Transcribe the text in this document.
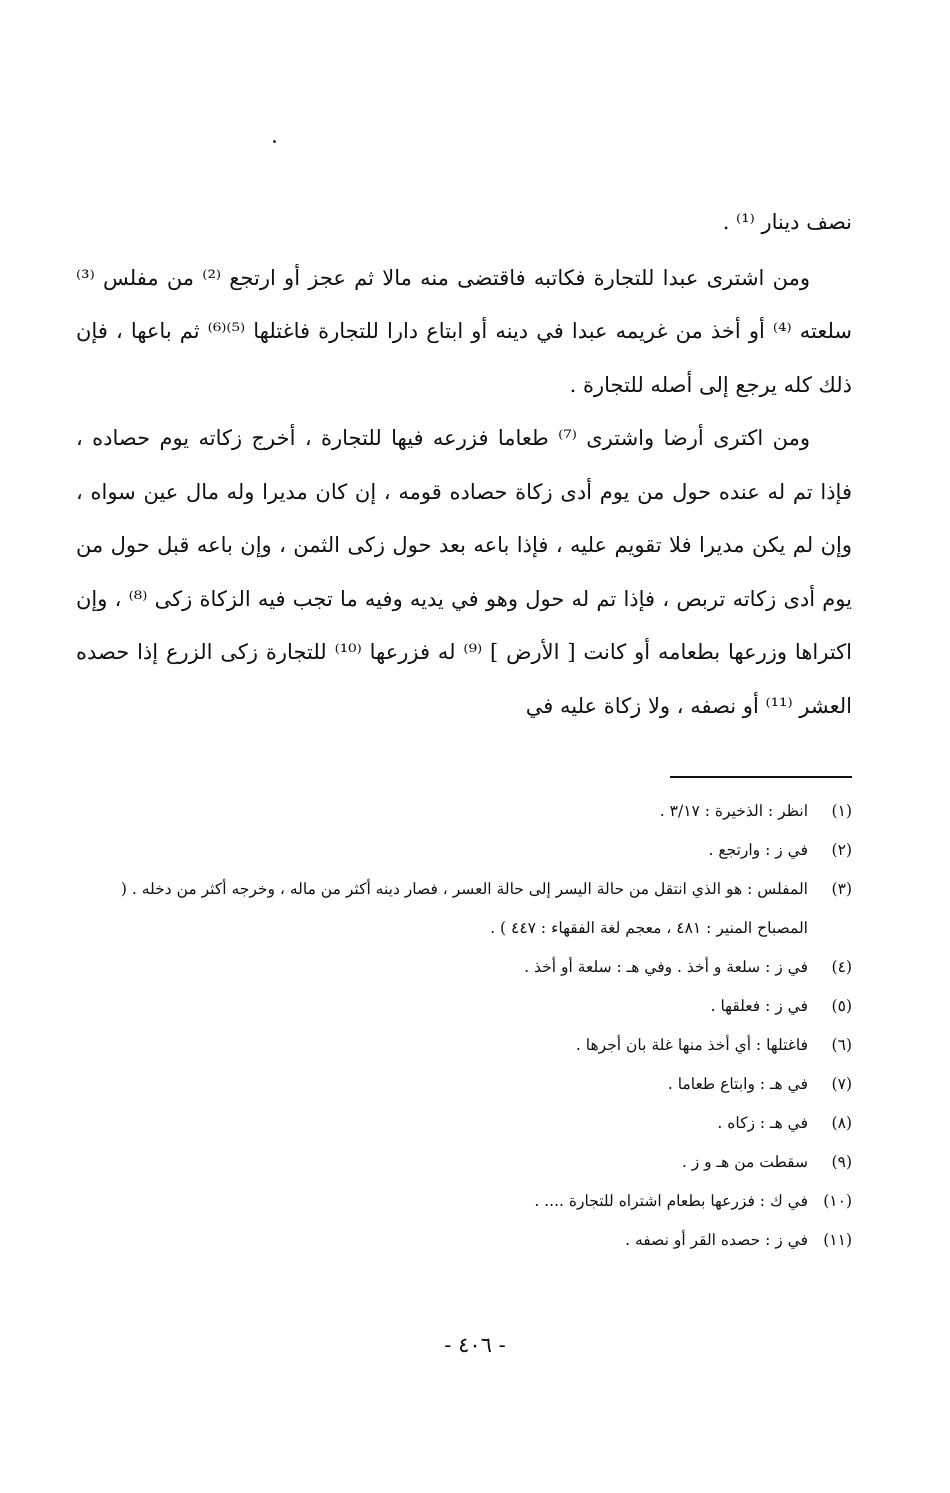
نصف دينار ⁽¹⁾ .

ومن اشترى عبدا للتجارة فكاتبه فاقتضى منه مالا ثم عجز أو ارتجع ⁽²⁾ من مفلس ⁽³⁾ سلعته ⁽⁴⁾ أو أخذ من غريمه عبدا في دينه أو ابتاع دارا للتجارة فاغتلها ⁽⁵⁾⁽⁶⁾ ثم باعها ، فإن ذلك كله يرجع إلى أصله للتجارة .

ومن اكترى أرضا واشترى ⁽⁷⁾ طعاما فزرعه فيها للتجارة ، أخرج زكاته يوم حصاده ، فإذا تم له عنده حول من يوم أدى زكاة حصاده قومه ، إن كان مديرا وله مال عين سواه ، وإن لم يكن مديرا فلا تقويم عليه ، فإذا باعه بعد حول زكى الثمن ، وإن باعه قبل حول من يوم أدى زكاته تربص ، فإذا تم له حول وهو في يديه وفيه ما تجب فيه الزكاة زكى ⁽⁸⁾ ، وإن اكتراها وزرعها بطعامه أو كانت [ الأرض ] ⁽⁹⁾ له فزرعها ⁽¹⁰⁾ للتجارة زكى الزرع إذا حصده العشر ⁽¹¹⁾ أو نصفه ، ولا زكاة عليه في

(١)
انظر : الذخيرة : ٣/١٧ .
(٢)
في ز : وارتجع .
(٣)
المفلس : هو الذي انتقل من حالة اليسر إلى حالة العسر ، فصار دينه أكثر من ماله ، وخرجه أكثر من دخله . ( المصباح المنير : ٤٨١ ، معجم لغة الفقهاء : ٤٤٧ ) .
(٤)
في ز : سلعة و أخذ . وفي هـ : سلعة أو أخذ .
(٥)
في ز : فعلقها .
(٦)
فاغتلها : أي أخذ منها غلة بان أجرها .
(٧)
في هـ : وابتاع طعاما .
(٨)
في هـ : زكاه .
(٩)
سقطت من هـ و ز .
(١٠)
في ك : فزرعها بطعام اشتراه للتجارة .... .
(١١)
في ز : حصده القر أو نصفه .
- ٤٠٦ -
